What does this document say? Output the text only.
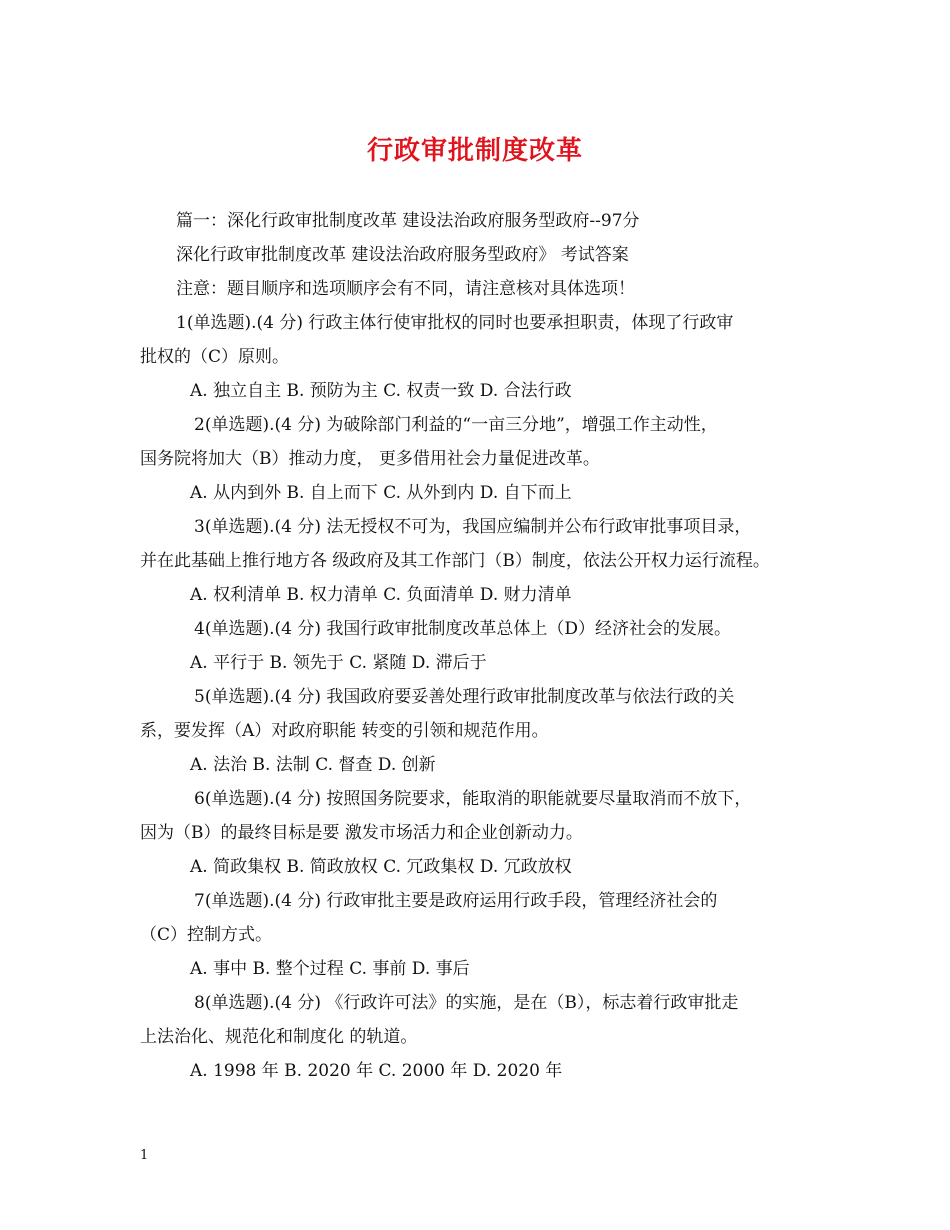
行政审批制度改革
篇一：深化行政审批制度改革 建设法治政府服务型政府--97分
深化行政审批制度改革 建设法治政府服务型政府》 考试答案
注意：题目顺序和选项顺序会有不同，请注意核对具体选项！
1(单选题).(4 分) 行政主体行使审批权的同时也要承担职责，体现了行政审
批权的（C）原则。
A. 独立自主 B. 预防为主 C. 权责一致 D. 合法行政
2(单选题).(4 分) 为破除部门利益的“一亩三分地”，增强工作主动性，
国务院将加大（B）推动力度， 更多借用社会力量促进改革。
A. 从内到外 B. 自上而下 C. 从外到内 D. 自下而上
3(单选题).(4 分) 法无授权不可为，我国应编制并公布行政审批事项目录，
并在此基础上推行地方各 级政府及其工作部门（B）制度，依法公开权力运行流程。
A. 权利清单 B. 权力清单 C. 负面清单 D. 财力清单
4(单选题).(4 分) 我国行政审批制度改革总体上（D）经济社会的发展。
A. 平行于 B. 领先于 C. 紧随 D. 滞后于
5(单选题).(4 分) 我国政府要妥善处理行政审批制度改革与依法行政的关
系，要发挥（A）对政府职能 转变的引领和规范作用。
A. 法治 B. 法制 C. 督查 D. 创新
6(单选题).(4 分) 按照国务院要求，能取消的职能就要尽量取消而不放下，
因为（B）的最终目标是要 激发市场活力和企业创新动力。
A. 简政集权 B. 简政放权 C. 冗政集权 D. 冗政放权
7(单选题).(4 分) 行政审批主要是政府运用行政手段，管理经济社会的
（C）控制方式。
A. 事中 B. 整个过程 C. 事前 D. 事后
8(单选题).(4 分) 《行政许可法》的实施，是在（B），标志着行政审批走
上法治化、规范化和制度化 的轨道。
A. 1998 年 B. 2020 年 C. 2000 年 D. 2020 年
1
